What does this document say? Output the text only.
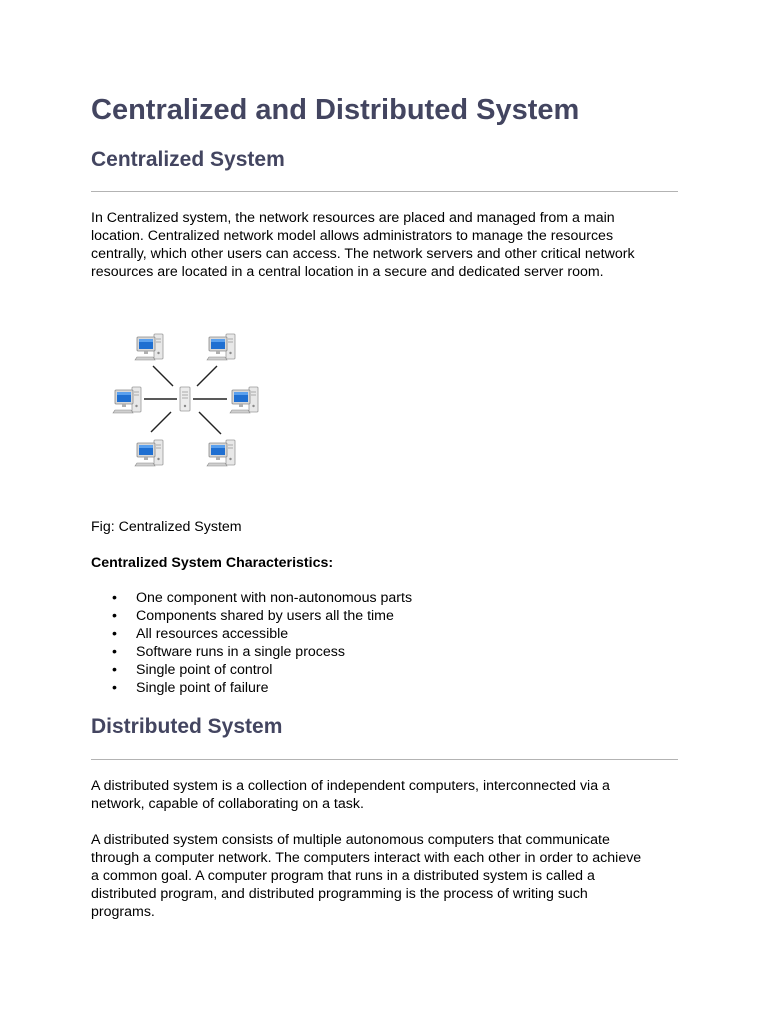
Centralized and Distributed System
Centralized System

In Centralized system, the network resources are placed and managed from a main
location. Centralized network model allows administrators to manage the resources
centrally, which other users can access. The network servers and other critical network
resources are located in a central location in a secure and dedicated server room.

Fig: Centralized System
Centralized System Characteristics:
• One component with non-autonomous parts
• Components shared by users all the time
• All resources accessible
• Software runs in a single process
• Single point of control
• Single point of failure
Distributed System

A distributed system is a collection of independent computers, interconnected via a
network, capable of collaborating on a task.

A distributed system consists of multiple autonomous computers that communicate
through a computer network. The computers interact with each other in order to achieve
a common goal. A computer program that runs in a distributed system is called a
distributed program, and distributed programming is the process of writing such
programs.
